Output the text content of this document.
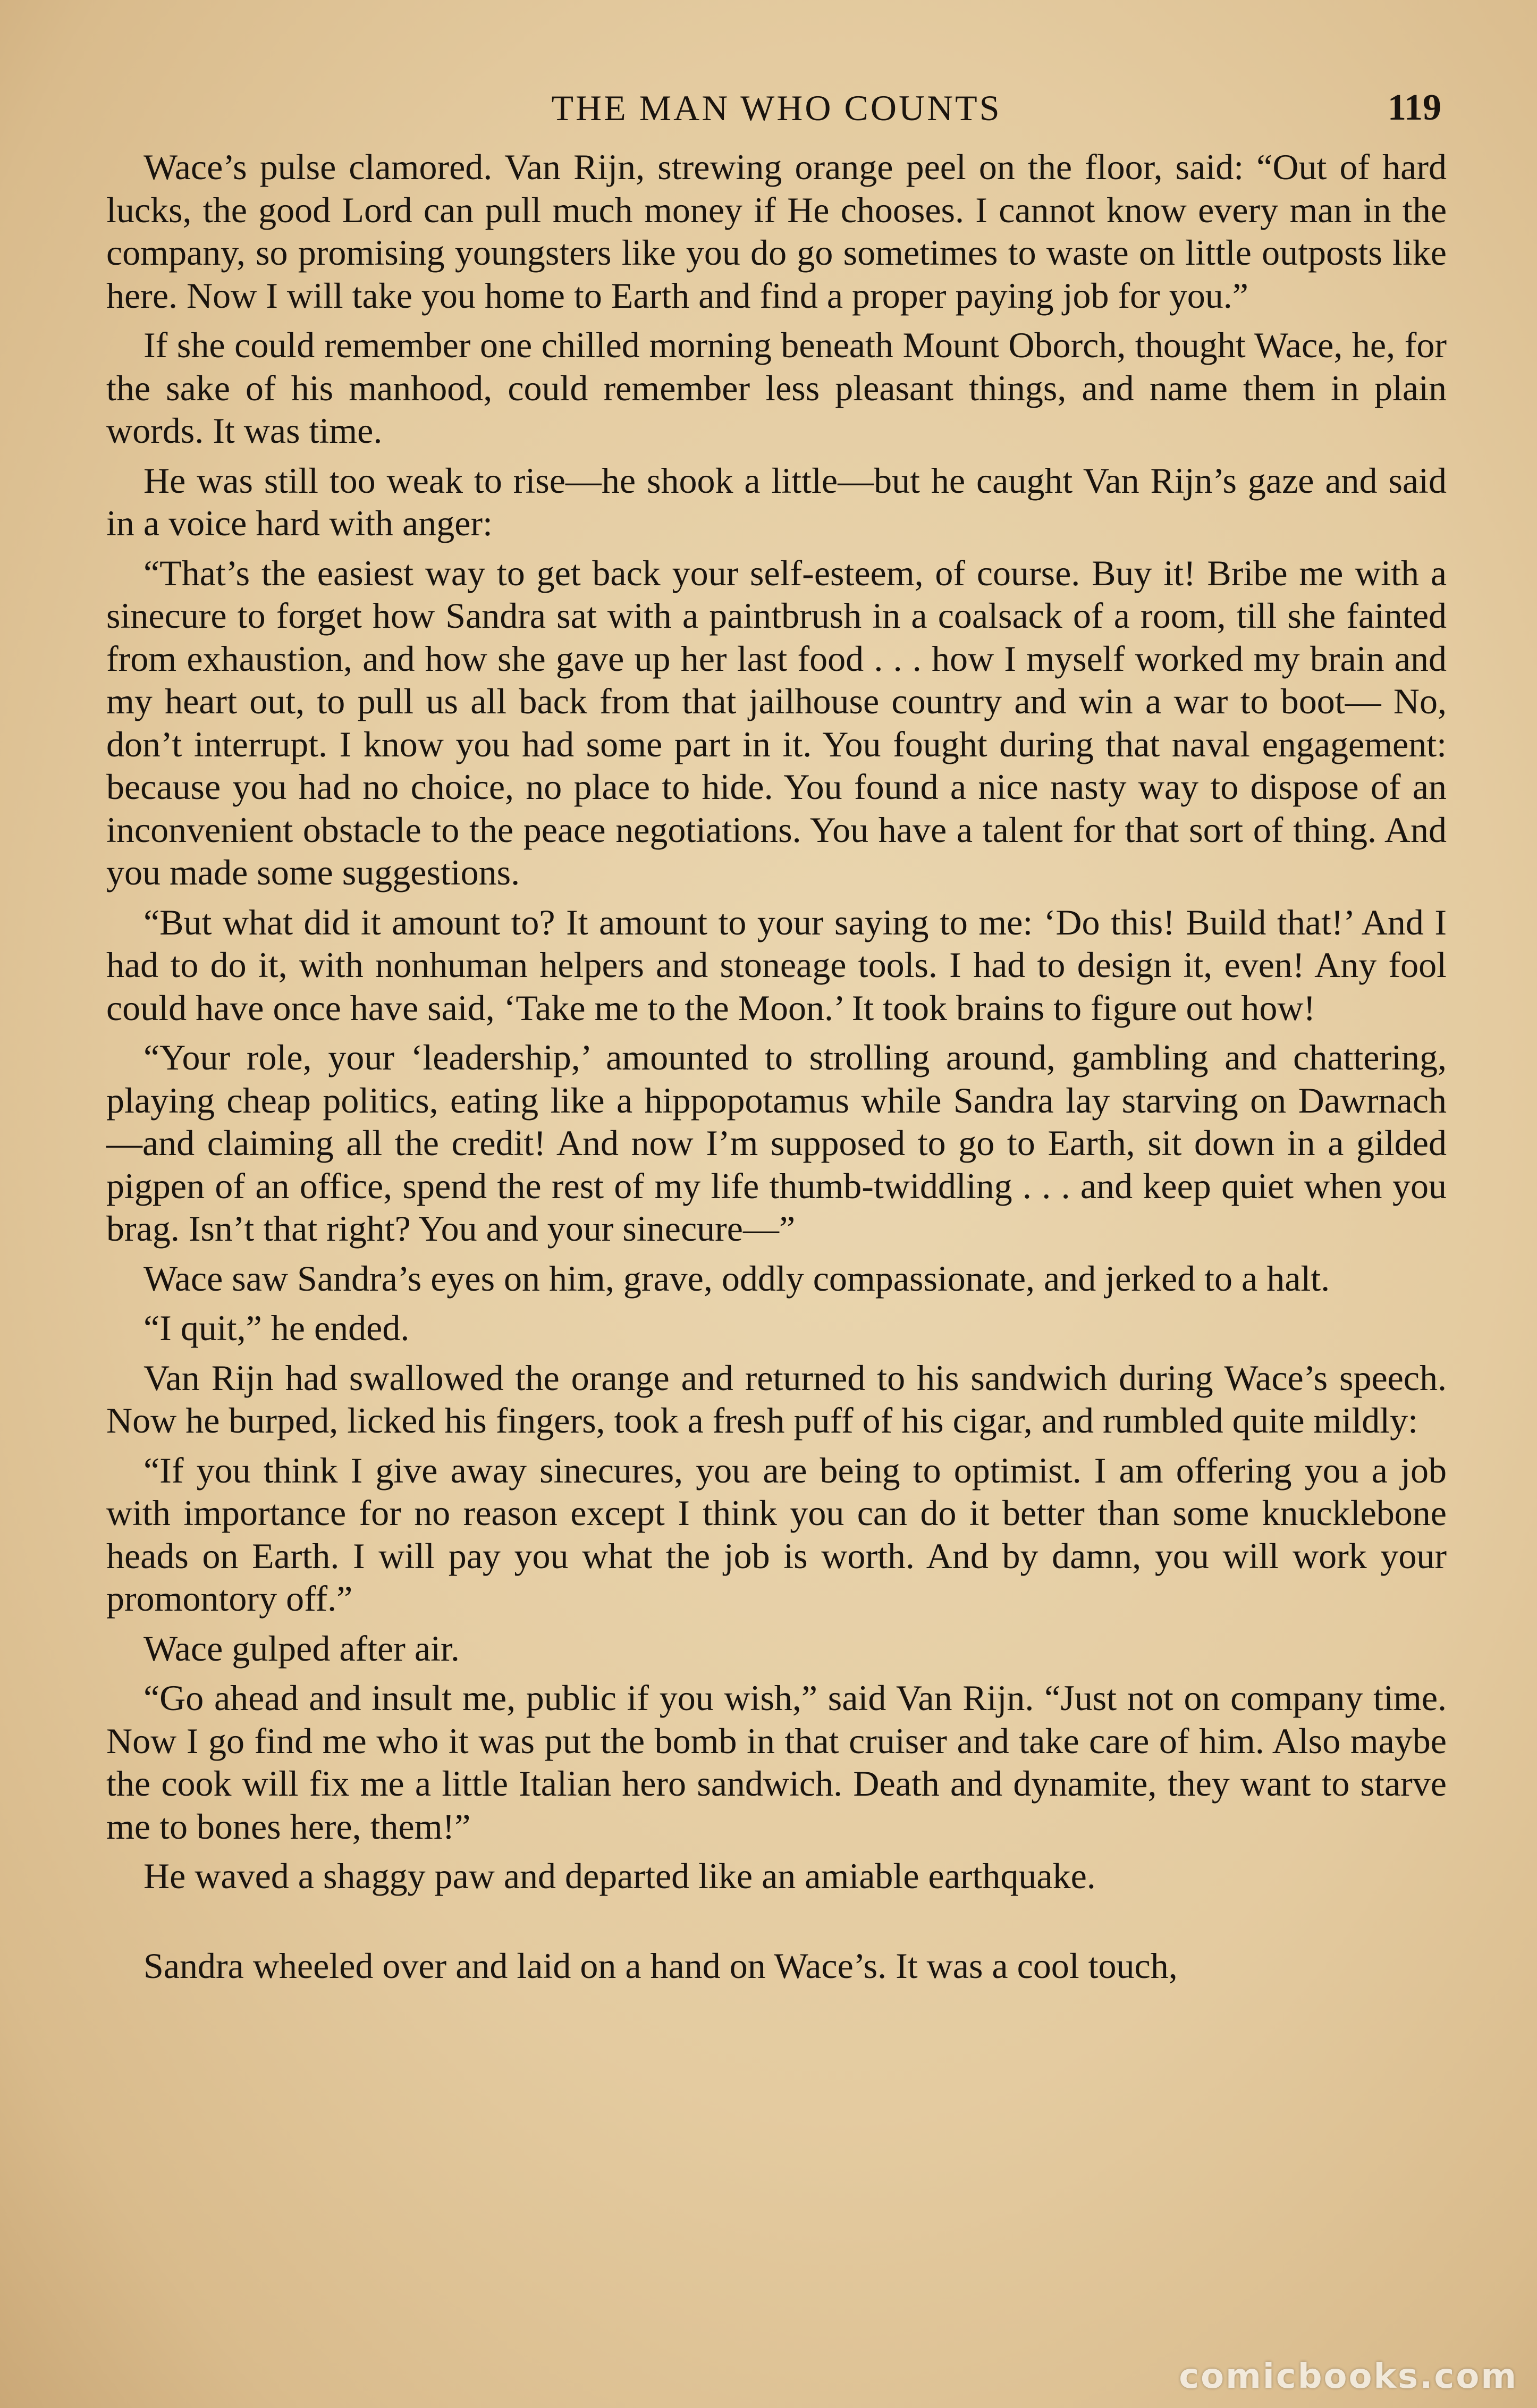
THE MAN WHO COUNTS	119

Wace’s pulse clamored. Van Rijn, strewing orange peel on the floor, said: “Out of hard lucks, the good Lord can pull much money if He chooses. I cannot know every man in the company, so promising youngsters like you do go sometimes to waste on little outposts like here. Now I will take you home to Earth and find a proper paying job for you.”

If she could remember one chilled morning beneath Mount Oborch, thought Wace, he, for the sake of his manhood, could remember less pleasant things, and name them in plain words. It was time.

He was still too weak to rise—he shook a little—but he caught Van Rijn’s gaze and said in a voice hard with anger:

“That’s the easiest way to get back your self-esteem, of course. Buy it! Bribe me with a sinecure to forget how Sandra sat with a paintbrush in a coalsack of a room, till she fainted from exhaustion, and how she gave up her last food . . . how I myself worked my brain and my heart out, to pull us all back from that jailhouse country and win a war to boot— No, don’t interrupt. I know you had some part in it. You fought during that naval engagement: because you had no choice, no place to hide. You found a nice nasty way to dispose of an inconvenient obstacle to the peace negotiations. You have a talent for that sort of thing. And you made some suggestions.

“But what did it amount to? It amount to your saying to me: ‘Do this! Build that!’ And I had to do it, with nonhuman helpers and stoneage tools. I had to design it, even! Any fool could have once have said, ‘Take me to the Moon.’ It took brains to figure out how!

“Your role, your ‘leadership,’ amounted to strolling around, gambling and chattering, playing cheap politics, eating like a hippopotamus while Sandra lay starving on Dawrnach—and claiming all the credit! And now I’m supposed to go to Earth, sit down in a gilded pigpen of an office, spend the rest of my life thumb-twiddling . . . and keep quiet when you brag. Isn’t that right? You and your sinecure—”

Wace saw Sandra’s eyes on him, grave, oddly compassionate, and jerked to a halt.

“I quit,” he ended.

Van Rijn had swallowed the orange and returned to his sandwich during Wace’s speech. Now he burped, licked his fingers, took a fresh puff of his cigar, and rumbled quite mildly:

“If you think I give away sinecures, you are being to optimist. I am offering you a job with importance for no reason except I think you can do it better than some knucklebone heads on Earth. I will pay you what the job is worth. And by damn, you will work your promontory off.”

Wace gulped after air.

“Go ahead and insult me, public if you wish,” said Van Rijn. “Just not on company time. Now I go find me who it was put the bomb in that cruiser and take care of him. Also maybe the cook will fix me a little Italian hero sandwich. Death and dynamite, they want to starve me to bones here, them!”

He waved a shaggy paw and departed like an amiable earthquake.

Sandra wheeled over and laid on a hand on Wace’s. It was a cool touch,

comicbooks.com
